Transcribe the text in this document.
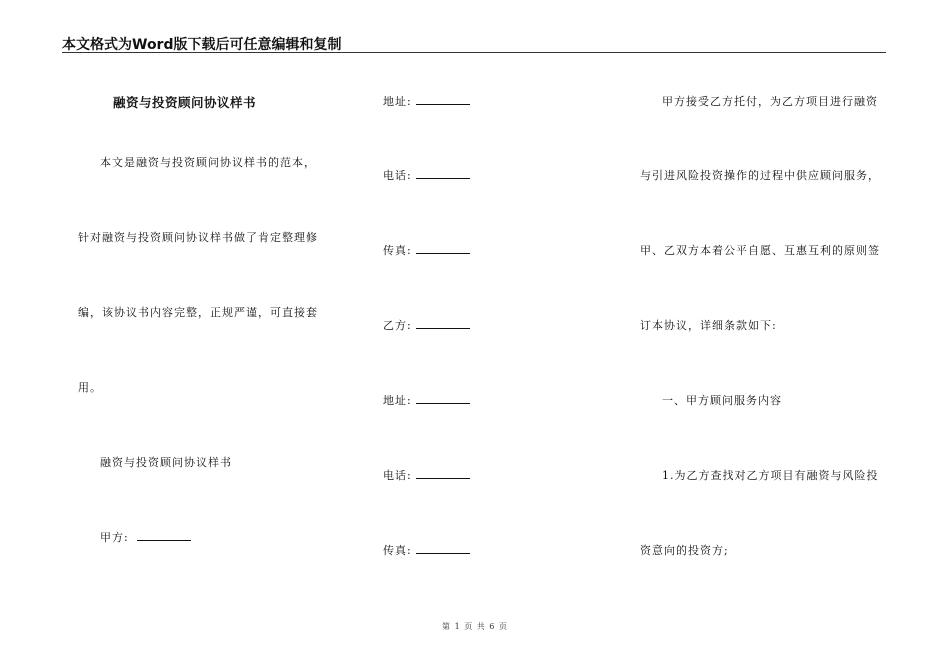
本文格式为Word版下载后可任意编辑和复制
融资与投资顾问协议样书
本文是融资与投资顾问协议样书的范本，
针对融资与投资顾问协议样书做了肯定整理修
编，该协议书内容完整，正规严谨，可直接套
用。
融资与投资顾问协议样书
甲方:
地址:
电话:
传真:
乙方:
地址:
电话:
传真:
甲方接受乙方托付，为乙方项目进行融资
与引进风险投资操作的过程中供应顾问服务，
甲、乙双方本着公平自愿、互惠互利的原则签
订本协议，详细条款如下:
一、甲方顾问服务内容
1.为乙方查找对乙方项目有融资与风险投
资意向的投资方;
第 1 页 共 6 页
